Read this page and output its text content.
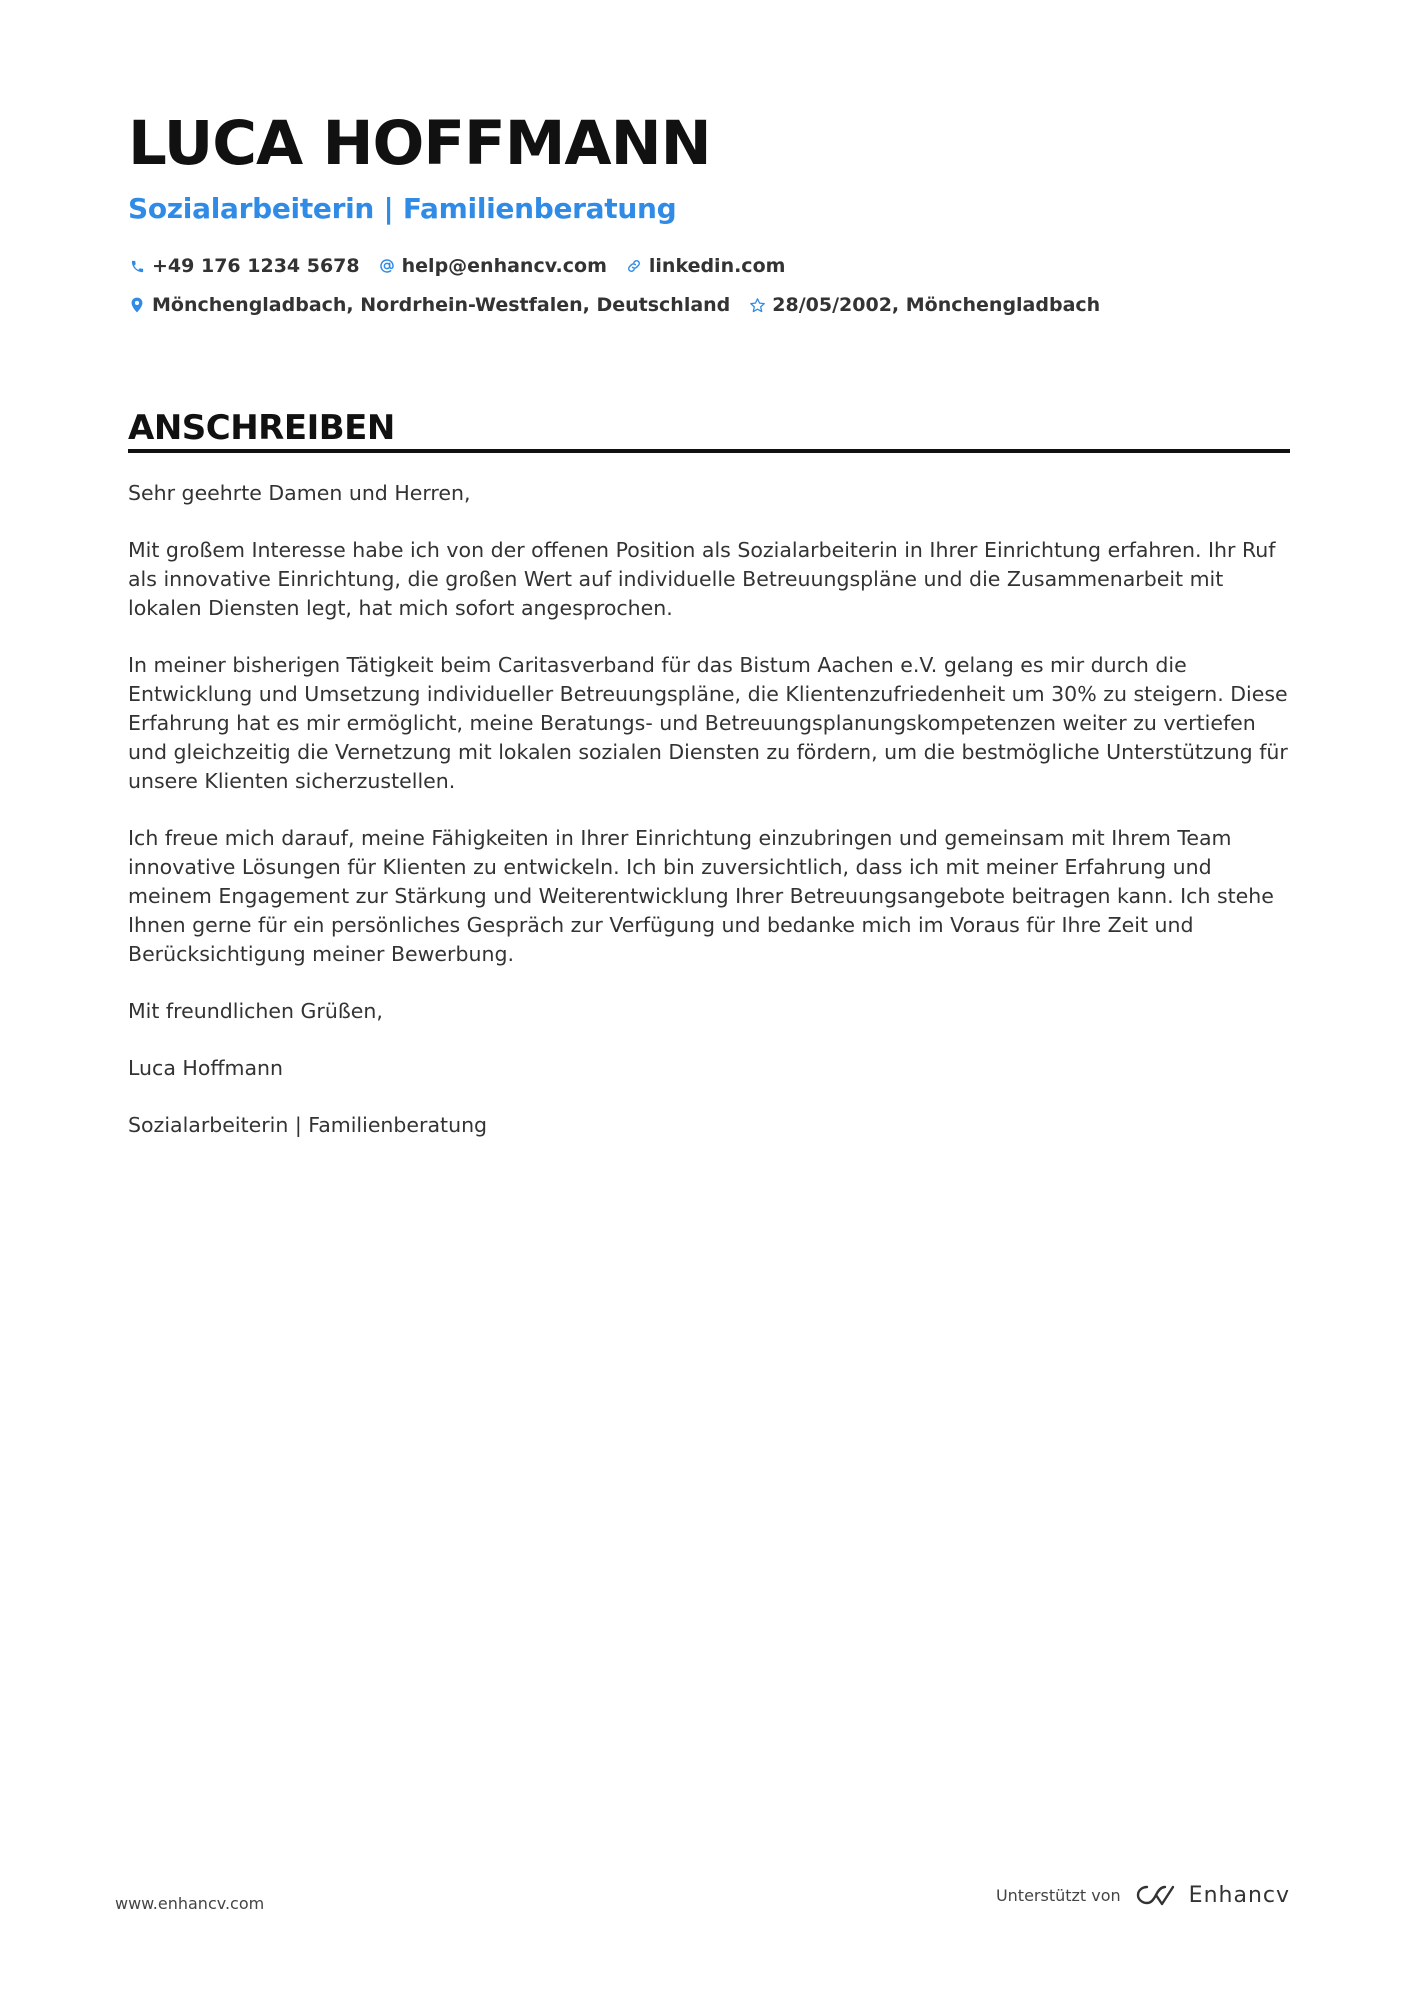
LUCA HOFFMANN
Sozialarbeiterin | Familienberatung
+49 176 1234 5678 help@enhancv.com linkedin.com
Mönchengladbach, Nordrhein-Westfalen, Deutschland 28/05/2002, Mönchengladbach
ANSCHREIBEN

Sehr geehrte Damen und Herren,

Mit großem Interesse habe ich von der offenen Position als Sozialarbeiterin in Ihrer Einrichtung erfahren. Ihr Ruf als innovative Einrichtung, die großen Wert auf individuelle Betreuungspläne und die Zusammenarbeit mit lokalen Diensten legt, hat mich sofort angesprochen.

In meiner bisherigen Tätigkeit beim Caritasverband für das Bistum Aachen e.V. gelang es mir durch die Entwicklung und Umsetzung individueller Betreuungspläne, die Klientenzufriedenheit um 30% zu steigern. Diese Erfahrung hat es mir ermöglicht, meine Beratungs- und Betreuungsplanungskompetenzen weiter zu vertiefen und gleichzeitig die Vernetzung mit lokalen sozialen Diensten zu fördern, um die bestmögliche Unterstützung für unsere Klienten sicherzustellen.

Ich freue mich darauf, meine Fähigkeiten in Ihrer Einrichtung einzubringen und gemeinsam mit Ihrem Team innovative Lösungen für Klienten zu entwickeln. Ich bin zuversichtlich, dass ich mit meiner Erfahrung und meinem Engagement zur Stärkung und Weiterentwicklung Ihrer Betreuungsangebote beitragen kann. Ich stehe Ihnen gerne für ein persönliches Gespräch zur Verfügung und bedanke mich im Voraus für Ihre Zeit und Berücksichtigung meiner Bewerbung.

Mit freundlichen Grüßen,

Luca Hoffmann

Sozialarbeiterin | Familienberatung

www.enhancv.com	Unterstützt von	Enhancv
